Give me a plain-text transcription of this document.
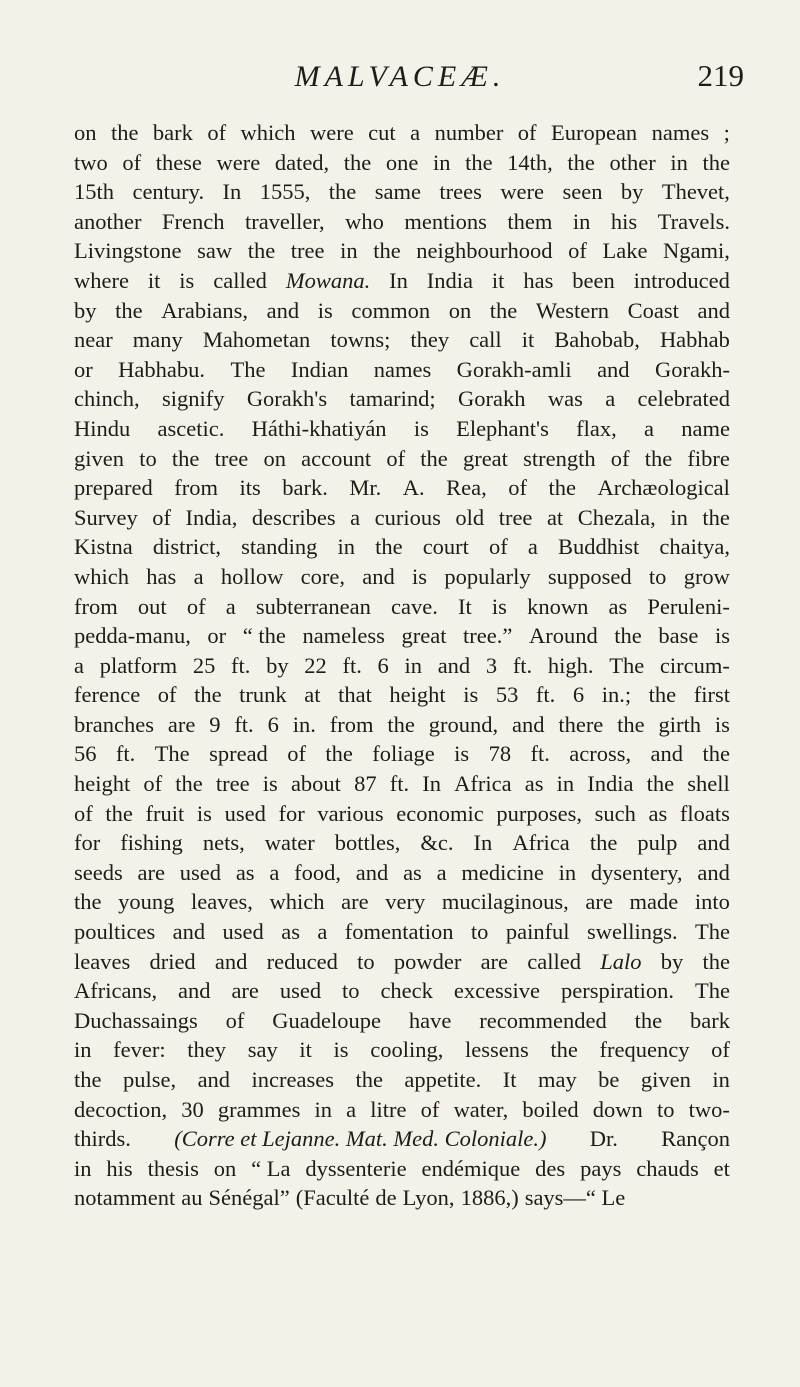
MALVACEÆ.	219
on the bark of which were cut a number of European names ;
two of these were dated, the one in the 14th, the other in the
15th century. In 1555, the same trees were seen by Thevet,
another French traveller, who mentions them in his Travels.
Livingstone saw the tree in the neighbourhood of Lake Ngami,
where it is called Mowana. In India it has been introduced
by the Arabians, and is common on the Western Coast and
near many Mahometan towns; they call it Bahobab, Habhab
or Habhabu. The Indian names Gorakh-amli and Gorakh-
chinch, signify Gorakh's tamarind; Gorakh was a celebrated
Hindu ascetic. Háthi-khatiyán is Elephant's flax, a name
given to the tree on account of the great strength of the fibre
prepared from its bark. Mr. A. Rea, of the Archæological
Survey of India, describes a curious old tree at Chezala, in the
Kistna district, standing in the court of a Buddhist chaitya,
which has a hollow core, and is popularly supposed to grow
from out of a subterranean cave. It is known as Peruleni-
pedda-manu, or “ the nameless great tree.” Around the base is
a platform 25 ft. by 22 ft. 6 in and 3 ft. high. The circum-
ference of the trunk at that height is 53 ft. 6 in.; the first
branches are 9 ft. 6 in. from the ground, and there the girth is
56 ft. The spread of the foliage is 78 ft. across, and the
height of the tree is about 87 ft. In Africa as in India the shell
of the fruit is used for various economic purposes, such as floats
for fishing nets, water bottles, &c. In Africa the pulp and
seeds are used as a food, and as a medicine in dysentery, and
the young leaves, which are very mucilaginous, are made into
poultices and used as a fomentation to painful swellings. The
leaves dried and reduced to powder are called Lalo by the
Africans, and are used to check excessive perspiration. The
Duchassaings of Guadeloupe have recommended the bark
in fever: they say it is cooling, lessens the frequency of
the pulse, and increases the appetite. It may be given in
decoction, 30 grammes in a litre of water, boiled down to two-
thirds. (Corre et Lejanne. Mat. Med. Coloniale.) Dr. Rançon
in his thesis on “ La dyssenterie endémique des pays chauds et
notamment au Sénégal” (Faculté de Lyon, 1886,) says—“ Le
